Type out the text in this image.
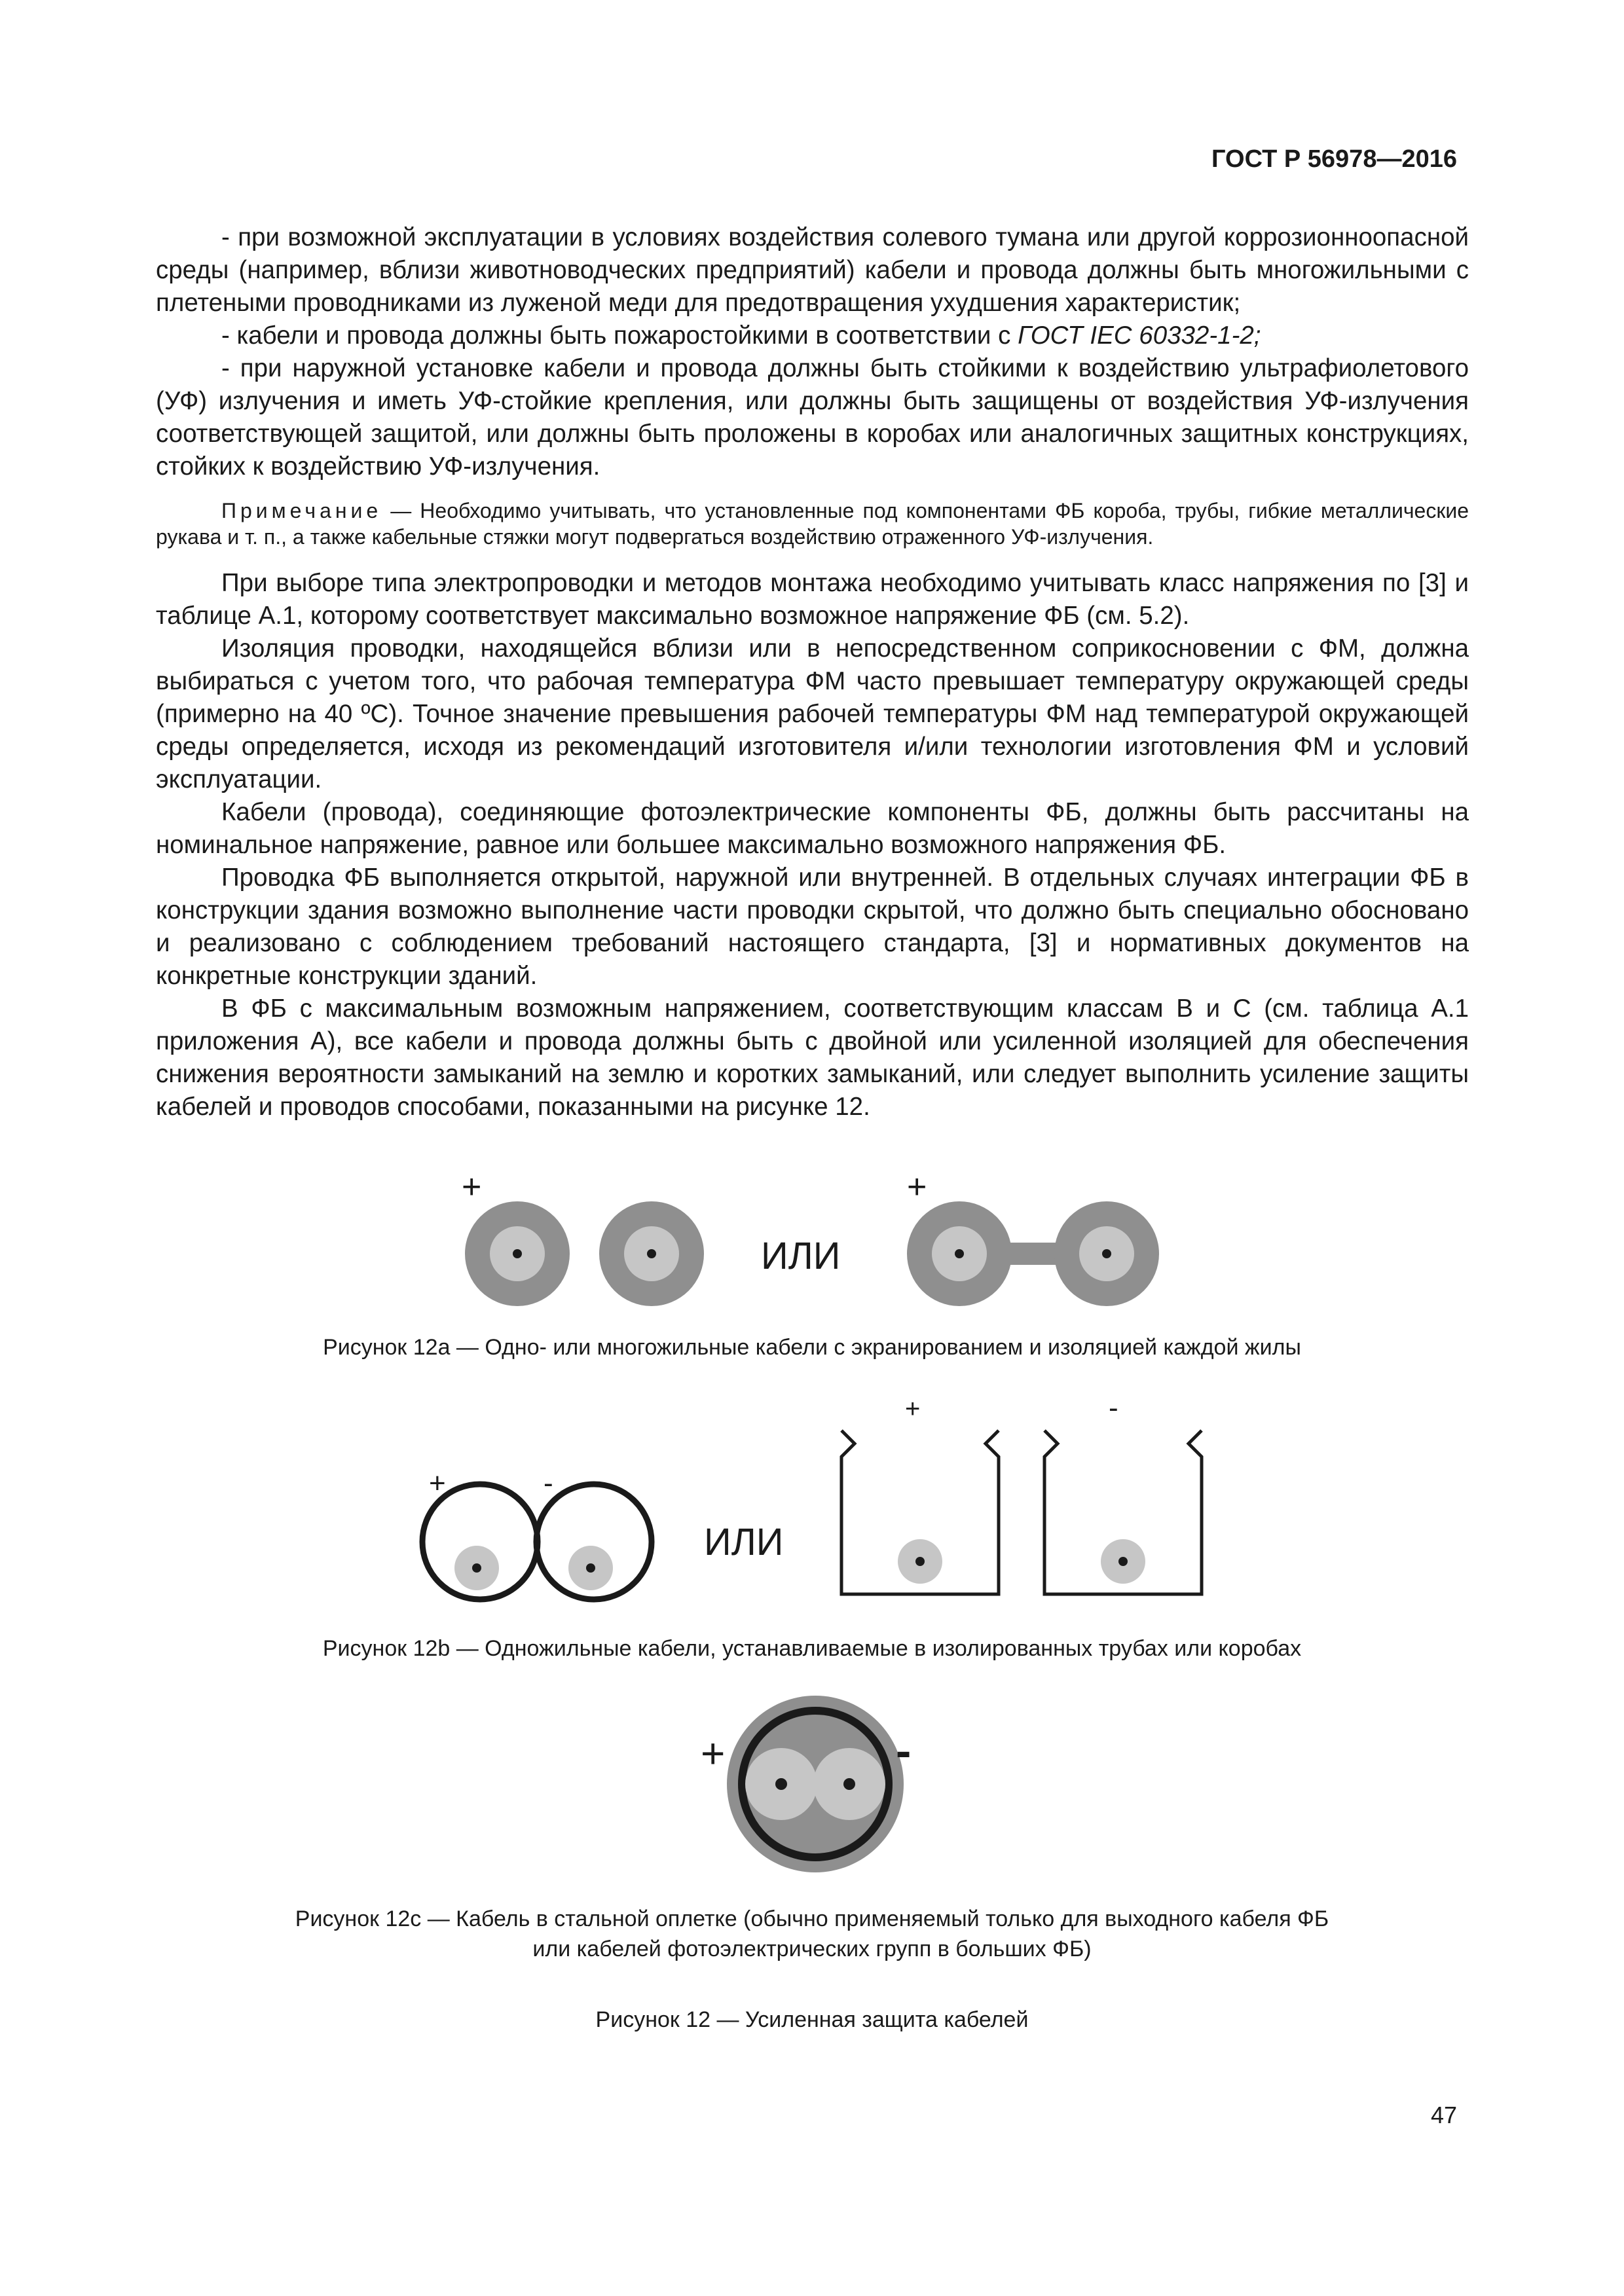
ГОСТ Р 56978—2016

- при возможной эксплуатации в условиях воздействия солевого тумана или другой коррозионноопасной среды (например, вблизи животноводческих предприятий) кабели и провода должны быть многожильными с плетеными проводниками из луженой меди для предотвращения ухудшения характеристик;

- кабели и провода должны быть пожаростойкими в соответствии с ГОСТ IEC 60332-1-2;

- при наружной установке кабели и провода должны быть стойкими к воздействию ультрафиолетового (УФ) излучения и иметь УФ-стойкие крепления, или должны быть защищены от воздействия УФ-излучения соответствующей защитой, или должны быть проложены в коробах или аналогичных защитных конструкциях, стойких к воздействию УФ-излучения.

Примечание — Необходимо учитывать, что установленные под компонентами ФБ короба, трубы, гибкие металлические рукава и т. п., а также кабельные стяжки могут подвергаться воздействию отраженного УФ-излучения.

При выборе типа электропроводки и методов монтажа необходимо учитывать класс напряжения по [3] и таблице А.1, которому соответствует максимально возможное напряжение ФБ (см. 5.2).

Изоляция проводки, находящейся вблизи или в непосредственном соприкосновении с ФМ, должна выбираться с учетом того, что рабочая температура ФМ часто превышает температуру окружающей среды (примерно на 40 ºС). Точное значение превышения рабочей температуры ФМ над температурой окружающей среды определяется, исходя из рекомендаций изготовителя и/или технологии изготовления ФМ и условий эксплуатации.

Кабели (провода), соединяющие фотоэлектрические компоненты ФБ, должны быть рассчитаны на номинальное напряжение, равное или большее максимально возможного напряжения ФБ.

Проводка ФБ выполняется открытой, наружной или внутренней. В отдельных случаях интеграции ФБ в конструкции здания возможно выполнение части проводки скрытой, что должно быть специально обосновано и реализовано с соблюдением требований настоящего стандарта, [3] и нормативных документов на конкретные конструкции зданий.

В ФБ с максимальным возможным напряжением, соответствующим классам В и С (см. таблица А.1 приложения А), все кабели и провода должны быть с двойной или усиленной изоляцией для обеспечения снижения вероятности замыканий на землю и коротких замыканий, или следует выполнить усиление защиты кабелей и проводов способами, показанными на рисунке 12.

+
ИЛИ
+
Рисунок 12а — Одно- или многожильные кабели с экранированием и изоляцией каждой жилы
+	-
ИЛИ
+	-
Рисунок 12b — Одножильные кабели, устанавливаемые в изолированных трубах или коробах
+	-
Рисунок 12с — Кабель в стальной оплетке (обычно применяемый только для выходного кабеля ФБ
или кабелей фотоэлектрических групп в больших ФБ)
Рисунок 12 — Усиленная защита кабелей
47
